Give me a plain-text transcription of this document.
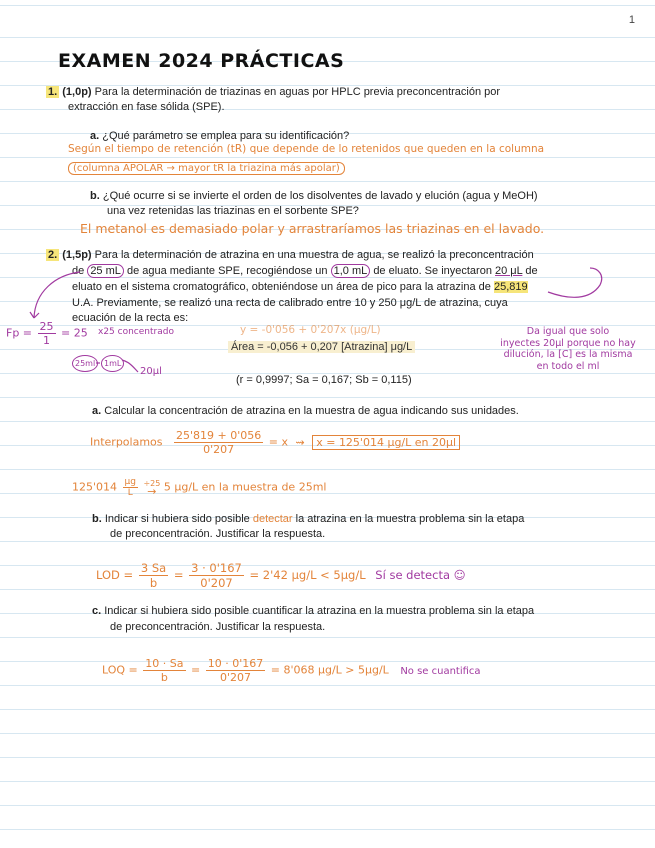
1
EXAMEN 2024 PRÁCTICAS
1. (1,0p) Para la determinación de triazinas en aguas por HPLC previa preconcentración por
extracción en fase sólida (SPE).
a. ¿Qué parámetro se emplea para su identificación?
Según el tiempo de retención (tR) que depende de lo retenidos que queden en la columna
(columna APOLAR → mayor tR la triazina más apolar)
b. ¿Qué ocurre si se invierte el orden de los disolventes de lavado y elución (agua y MeOH)
una vez retenidas las triazinas en el sorbente SPE?
El metanol es demasiado polar y arrastraríamos las triazinas en el lavado.
2. (1,5p) Para la determinación de atrazina en una muestra de agua, se realizó la preconcentración
de 25 mL de agua mediante SPE, recogiéndose un 1,0 mL de eluato. Se inyectaron 20 μL de
eluato en el sistema cromatográfico, obteniéndose un área de pico para la atrazina de 25,819
U.A. Previamente, se realizó una recta de calibrado entre 10 y 250 μg/L de atrazina, cuya
ecuación de la recta es:
$Fp = \frac{25}{1} = 25$ x25 concentrado
25ml	1mL
20μl
y = -0'056 + 0'207x (μg/L)
Área = -0,056 + 0,207 [Atrazina] μg/L
(r = 0,9997; Sa = 0,167; Sb = 0,115)
Da igual que solo
inyectes 20μl porque no hay
dilución, la [C] es la misma
en todo el ml
a. Calcular la concentración de atrazina en la muestra de agua indicando sus unidades.
Interpolamos $\frac{25'819 + 0'056}{0'207} = x$ ⇝ x = 125'014 μg/L en 20μl
$125'014 \frac{\mu g}{L}$
÷25
→ 5 μg/L en la muestra de 25ml
b. Indicar si hubiera sido posible detectar la atrazina en la muestra problema sin la etapa
de preconcentración. Justificar la respuesta.
LOD = $\frac{3 Sa}{b} = \frac{3 \cdot 0'167}{0'207} = 2'42$ μg/L < 5μg/L Sí se detecta ☺
c. Indicar si hubiera sido posible cuantificar la atrazina en la muestra problema sin la etapa
de preconcentración. Justificar la respuesta.
LOQ = $\frac{10 \cdot Sa}{b} = \frac{10 \cdot 0'167}{0'207} = 8'068$ μg/L > 5μg/L No se cuantifica
